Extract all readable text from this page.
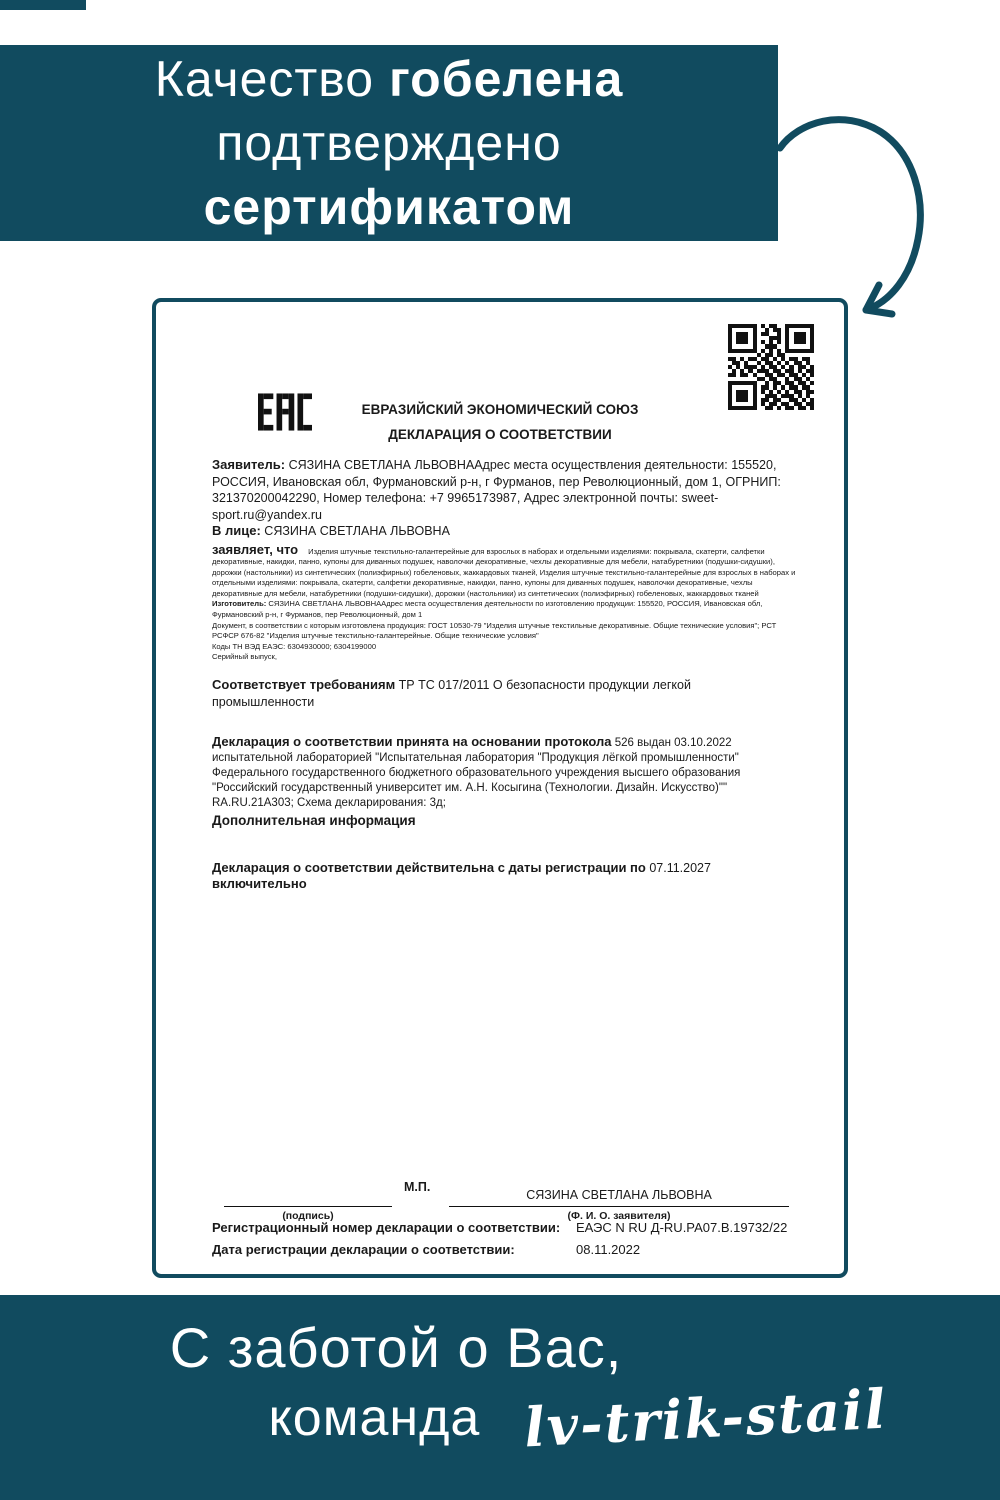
Качество гобелена
подтверждено
сертификатом
ЕВРАЗИЙСКИЙ ЭКОНОМИЧЕСКИЙ СОЮЗ
ДЕКЛАРАЦИЯ О СООТВЕТСТВИИ

Заявитель: СЯЗИНА СВЕТЛАНА ЛЬВОВНААдрес места осуществления деятельности: 155520, РОССИЯ, Ивановская обл, Фурмановский р-н, г Фурманов, пер Революционный, дом 1, ОГРНИП: 321370200042290, Номер телефона: +7 9965173987, Адрес электронной почты: sweet-sport.ru@yandex.ru

В лице: СЯЗИНА СВЕТЛАНА ЛЬВОВНА

заявляет, что Изделия штучные текстильно-галантерейные для взрослых в наборах и отдельными изделиями: покрывала, скатерти, салфетки декоративные, накидки, панно, купоны для диванных подушек, наволочки декоративные, чехлы декоративные для мебели, натабуретники (подушки-сидушки), дорожки (настольники) из синтетических (полиэфирных) гобеленовых, жаккардовых тканей, Изделия штучные текстильно-галантерейные для взрослых в наборах и отдельными изделиями: покрывала, скатерти, салфетки декоративные, накидки, панно, купоны для диванных подушек, наволочки декоративные, чехлы декоративные для мебели, натабуретники (подушки-сидушки), дорожки (настольники) из синтетических (полиэфирных) гобеленовых, жаккардовых тканей

Изготовитель: СЯЗИНА СВЕТЛАНА ЛЬВОВНААдрес места осуществления деятельности по изготовлению продукции: 155520, РОССИЯ, Ивановская обл, Фурмановский р-н, г Фурманов, пер Революционный, дом 1

Документ, в соответствии с которым изготовлена продукция: ГОСТ 10530-79 "Изделия штучные текстильные декоративные. Общие технические условия"; РСТ РСФСР 676-82 "Изделия штучные текстильно-галантерейные. Общие технические условия"

Коды ТН ВЭД ЕАЭС: 6304930000; 6304199000

Серийный выпуск,

Соответствует требованиям ТР ТС 017/2011 О безопасности продукции легкой промышленности

Декларация о соответствии принята на основании протокола 526 выдан 03.10.2022 испытательной лабораторией "Испытательная лаборатория "Продукция лёгкой промышленности" Федерального государственного бюджетного образовательного учреждения высшего образования "Российский государственный университет им. А.Н. Косыгина (Технологии. Дизайн. Искусство)"" RA.RU.21А303; Схема декларирования: 3д;

Дополнительная информация

Декларация о соответствии действительна с даты регистрации по 07.11.2027 включительно

М.П.
СЯЗИНА СВЕТЛАНА ЛЬВОВНА
(подпись)	(Ф. И. О. заявителя)
Регистрационный номер декларации о соответствии: ЕАЭС N RU Д-RU.РА07.В.19732/22
Дата регистрации декларации о соответствии:	08.11.2022
С заботой о Вас,
команда lv-trik-stail
